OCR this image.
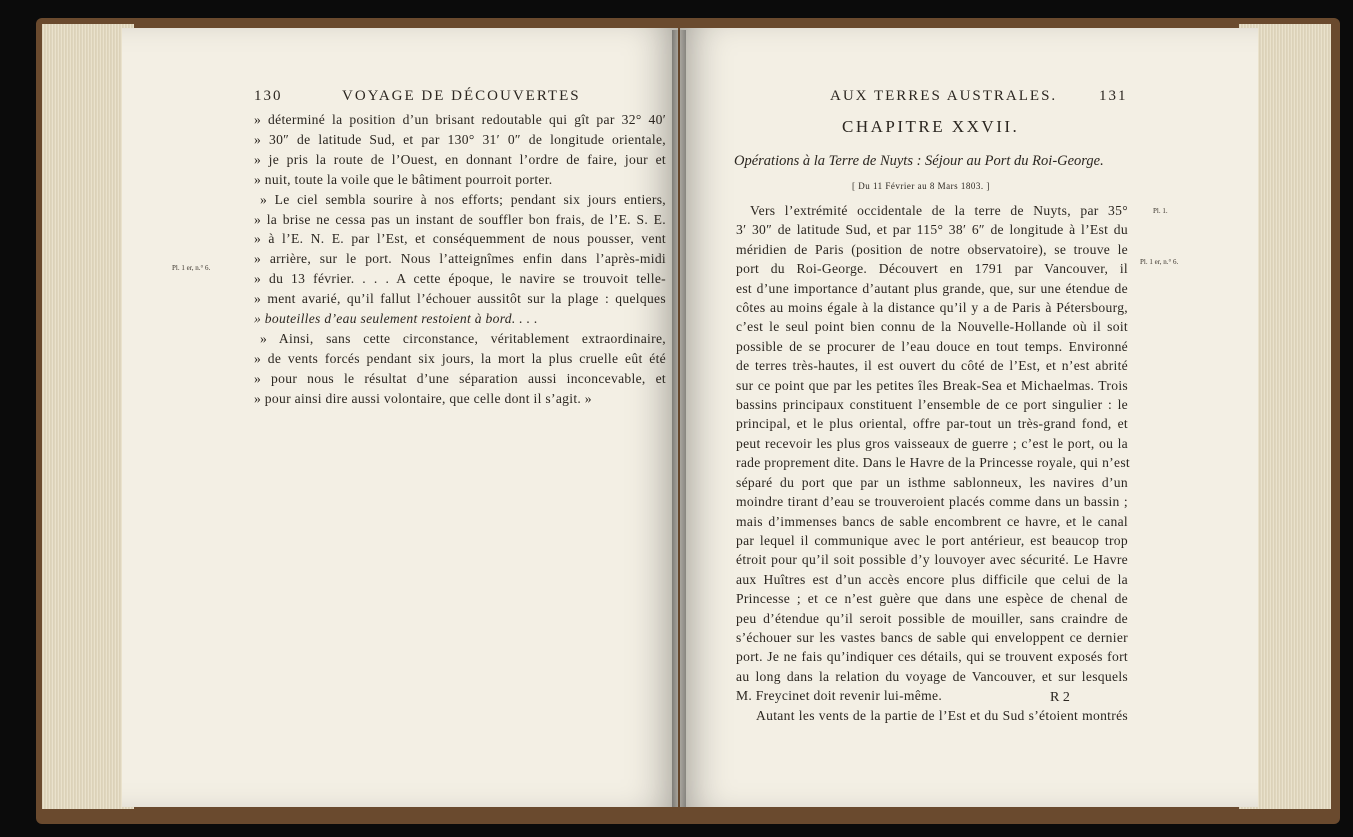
130	VOYAGE DE DÉCOUVERTES
» déterminé la position d’un brisant redoutable qui gît par 32° 40′
» 30″ de latitude Sud, et par 130° 31′ 0″ de longitude orientale,
» je pris la route de l’Ouest, en donnant l’ordre de faire, jour et
» nuit, toute la voile que le bâtiment pourroit porter.
» Le ciel sembla sourire à nos efforts; pendant six jours entiers,
» la brise ne cessa pas un instant de souffler bon frais, de l’E. S. E.
» à l’E. N. E. par l’Est, et conséquemment de nous pousser, vent
» arrière, sur le port. Nous l’atteignîmes enfin dans l’après-midi
» du 13 février. . . . A cette époque, le navire se trouvoit telle-
» ment avarié, qu’il fallut l’échouer aussitôt sur la plage : quelques
» bouteilles d’eau seulement restoient à bord. . . .
» Ainsi, sans cette circonstance, véritablement extraordinaire,
» de vents forcés pendant six jours, la mort la plus cruelle eût été
» pour nous le résultat d’une séparation aussi inconcevable, et
» pour ainsi dire aussi volontaire, que celle dont il s’agit. »
Pl. 1 er, n.° 6.
AUX TERRES AUSTRALES.	131
CHAPITRE XXVII.
Opérations à la Terre de Nuyts : Séjour au Port du Roi-George.
[ Du 11 Février au 8 Mars 1803. ]
Vers l’extrémité occidentale de la terre de Nuyts, par 35°
3′ 30″ de latitude Sud, et par 115° 38′ 6″ de longitude à l’Est du
méridien de Paris (position de notre observatoire), se trouve le
port du Roi-George. Découvert en 1791 par Vancouver, il
est d’une importance d’autant plus grande, que, sur une étendue de
côtes au moins égale à la distance qu’il y a de Paris à Pétersbourg,
c’est le seul point bien connu de la Nouvelle-Hollande où il soit
possible de se procurer de l’eau douce en tout temps. Environné
de terres très-hautes, il est ouvert du côté de l’Est, et n’est abrité
sur ce point que par les petites îles Break-Sea et Michaelmas. Trois
bassins principaux constituent l’ensemble de ce port singulier : le
principal, et le plus oriental, offre par-tout un très-grand fond, et
peut recevoir les plus gros vaisseaux de guerre ; c’est le port, ou la
rade proprement dite. Dans le Havre de la Princesse royale, qui n’est
séparé du port que par un isthme sablonneux, les navires d’un
moindre tirant d’eau se trouveroient placés comme dans un bassin ;
mais d’immenses bancs de sable encombrent ce havre, et le canal
par lequel il communique avec le port antérieur, est beaucop trop
étroit pour qu’il soit possible d’y louvoyer avec sécurité. Le Havre
aux Huîtres est d’un accès encore plus difficile que celui de la
Princesse ; et ce n’est guère que dans une espèce de chenal de
peu d’étendue qu’il seroit possible de mouiller, sans craindre de
s’échouer sur les vastes bancs de sable qui enveloppent ce dernier
port. Je ne fais qu’indiquer ces détails, qui se trouvent exposés fort
au long dans la relation du voyage de Vancouver, et sur lesquels
M. Freycinet doit revenir lui-même.
Autant les vents de la partie de l’Est et du Sud s’étoient montrés
R 2
Pl. 1.
Pl. 1 er, n.° 6.
